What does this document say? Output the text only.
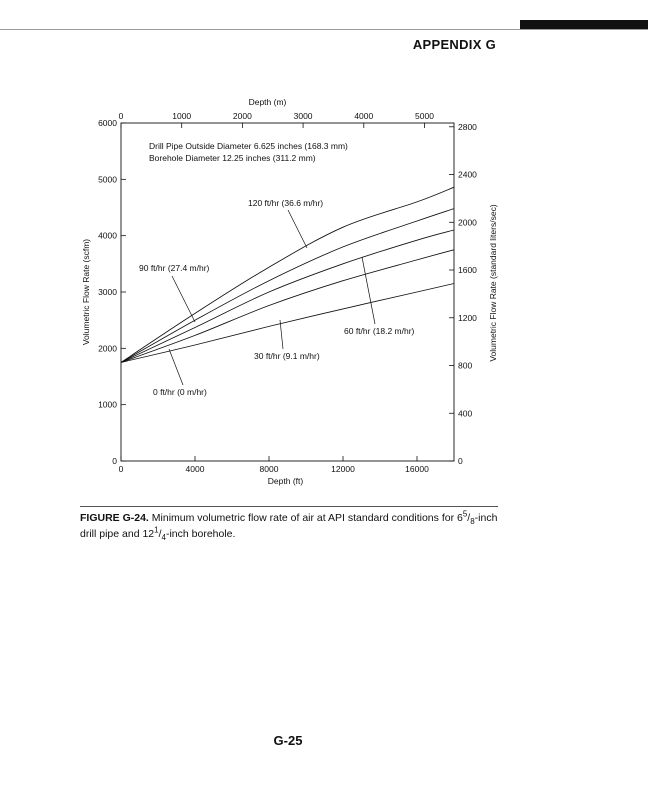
APPENDIX G
0	4000	8000	12000	16000
0	1000	2000	3000	4000	5000
0
1000
2000
3000
4000
5000
6000
0
400
800
1200
1600
2000
2400
2800
Depth (ft)
Depth (m)
Volumetric Flow Rate (scfm)	Volumetric Flow Rate (standard liters/sec)
Drill Pipe Outside Diameter 6.625 inches (168.3 mm)
Borehole Diameter 12.25 inches (311.2 mm)
0 ft/hr (0 m/hr)
30 ft/hr (9.1 m/hr)
60 ft/hr (18.2 m/hr)
90 ft/hr (27.4 m/hr)
120 ft/hr (36.6 m/hr)
FIGURE G-24. Minimum volumetric flow rate of air at API standard conditions for $6^5/_8$-inch drill pipe and $12^1/_4$-inch borehole.
G-25
